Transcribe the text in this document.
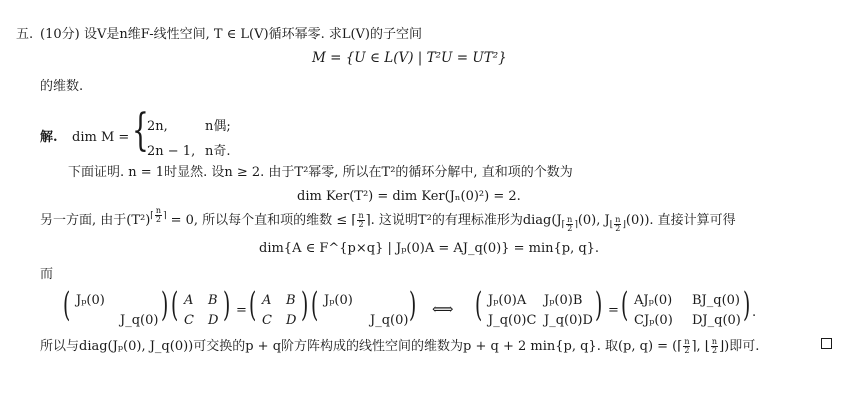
五. (10分) 设V是n维F-线性空间, T ∈ L(V)循环幂零. 求L(V)的子空间
M = {U ∈ L(V) | T²U = UT²}
的维数.
解. dim M = {
2n,	n偶;
2n − 1, n奇.
下面证明. n = 1时显然. 设n ≥ 2. 由于T²幂零, 所以在T²的循环分解中, 直和项的个数为
dim Ker(T²) = dim Ker(Jₙ(0)²) = 2.
另一方面, 由于$(T^2)^{⌈ \frac{n}{2} ⌉} = 0$, 所以每个直和项的维数 ≤ ⌈ $\frac{n}{2}$ ⌉. 这说明T²的有理标准形为$diag(J_{⌈ \frac{n}{2} ⌉}(0)$, $J_{⌊ \frac{n}{2} ⌋}(0)$). 直接计算可得
dim{A ∈ F^{p×q} | Jₚ(0)A = AJ_q(0)} = min{p, q}.
而
( Jₚ(0)
J_q(0) ) ( A B
C D ) = ( A B
C D ) ( Jₚ(0)
J_q(0) ) ⟺ ( Jₚ(0)A Jₚ(0)B
J_q(0)C J_q(0)D ) = ( AJₚ(0) BJ_q(0)
CJₚ(0) DJ_q(0) ) .
所以与diag(Jₚ(0), J_q(0))可交换的p + q阶方阵构成的线性空间的维数为p + q + 2 min{p, q}. 取(p, q) = (⌈ $\frac{n}{2}$ ⌉, ⌊ $\frac{n}{2}$ ⌋)即可.
